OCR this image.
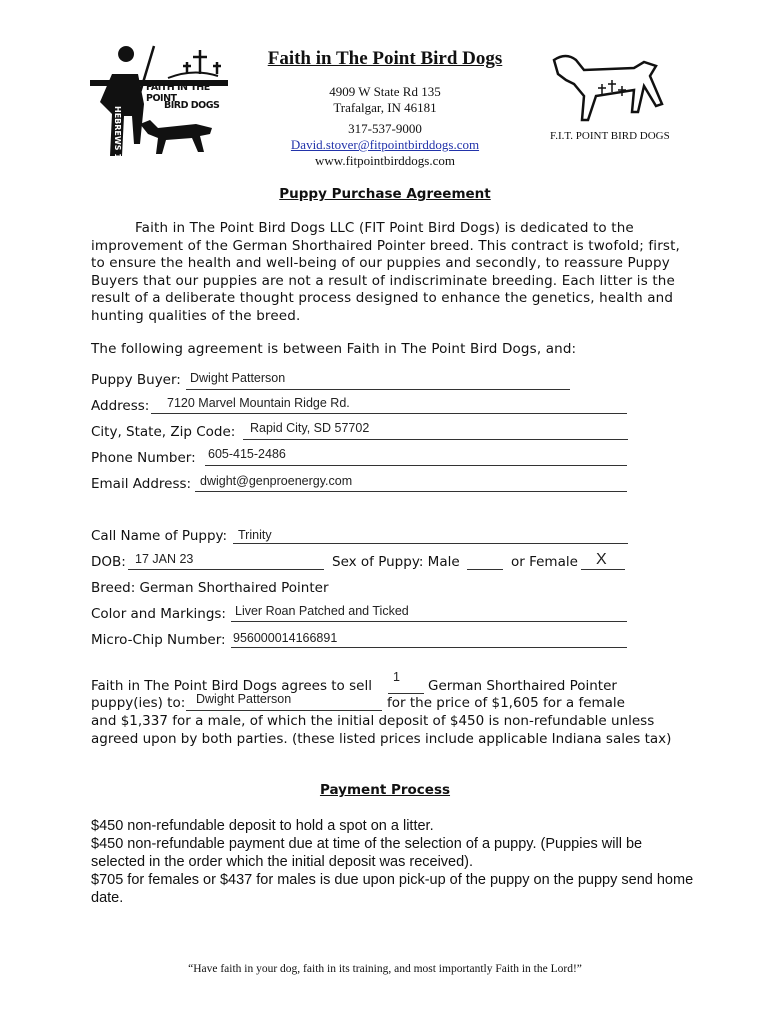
FAITH IN THE POINT
BIRD DOGS
HEBREWS 11:1	F.I.T. POINT BIRD DOGS
Faith in The Point Bird Dogs
4909 W State Rd 135
Trafalgar, IN 46181
317-537-9000
David.stover@fitpointbirddogs.com
www.fitpointbirddogs.com
Puppy Purchase Agreement
Faith in The Point Bird Dogs LLC (FIT Point Bird Dogs) is dedicated to the improvement of the German Shorthaired Pointer breed. This contract is twofold; first, to ensure the health and well-being of our puppies and secondly, to reassure Puppy Buyers that our puppies are not a result of indiscriminate breeding. Each litter is the result of a deliberate thought process designed to enhance the genetics, health and hunting qualities of the breed.
The following agreement is between Faith in The Point Bird Dogs, and:
Puppy Buyer: Dwight Patterson
Address: 7120 Marvel Mountain Ridge Rd.
City, State, Zip Code: Rapid City, SD 57702
Phone Number: 605-415-2486
Email Address: dwight@genproenergy.com
Call Name of Puppy: Trinity
DOB: 17 JAN 23	Sex of Puppy: Male	or Female X
Breed: German Shorthaired Pointer
Color and Markings: Liver Roan Patched and Ticked
Micro-Chip Number: 956000014166891
Faith in The Point Bird Dogs agrees to sell
1
German Shorthaired Pointer
puppy(ies) to: Dwight Patterson	for the price of $1,605 for a female
and $1,337 for a male, of which the initial deposit of $450 is non-refundable unless
agreed upon by both parties. (these listed prices include applicable Indiana sales tax)
Payment Process
$450 non-refundable deposit to hold a spot on a litter.
$450 non-refundable payment due at time of the selection of a puppy. (Puppies will be selected in the order which the initial deposit was received).
$705 for females or $437 for males is due upon pick-up of the puppy on the puppy send home date.
“Have faith in your dog, faith in its training, and most importantly Faith in the Lord!”
